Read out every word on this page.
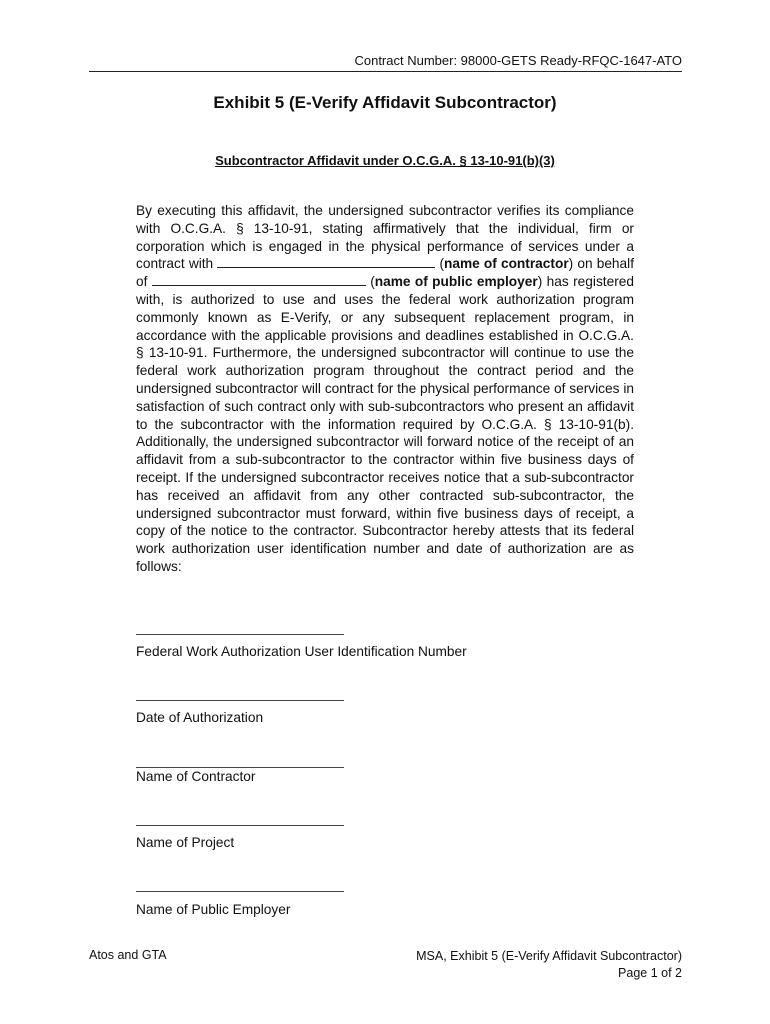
Contract Number: 98000-GETS Ready-RFQC-1647-ATO
Exhibit 5 (E-Verify Affidavit Subcontractor)
Subcontractor Affidavit under O.C.G.A. § 13-10-91(b)(3)
By executing this affidavit, the undersigned subcontractor verifies its compliance with O.C.G.A. § 13-10-91, stating affirmatively that the individual, firm or corporation which is engaged in the physical performance of services under a contract with	(name of contractor) on behalf of	(name of public employer) has registered with, is authorized to use and uses the federal work authorization program commonly known as E-Verify, or any subsequent replacement program, in accordance with the applicable provisions and deadlines established in O.C.G.A. § 13-10-91. Furthermore, the undersigned subcontractor will continue to use the federal work authorization program throughout the contract period and the undersigned subcontractor will contract for the physical performance of services in satisfaction of such contract only with sub-subcontractors who present an affidavit to the subcontractor with the information required by O.C.G.A. § 13-10-91(b). Additionally, the undersigned subcontractor will forward notice of the receipt of an affidavit from a sub-subcontractor to the contractor within five business days of receipt. If the undersigned subcontractor receives notice that a sub-subcontractor has received an affidavit from any other contracted sub-subcontractor, the undersigned subcontractor must forward, within five business days of receipt, a copy of the notice to the contractor. Subcontractor hereby attests that its federal work authorization user identification number and date of authorization are as follows:
Federal Work Authorization User Identification Number
Date of Authorization
Name of Contractor
Name of Project
Name of Public Employer
Atos and GTA	MSA, Exhibit 5 (E-Verify Affidavit Subcontractor)
Page 1 of 2
